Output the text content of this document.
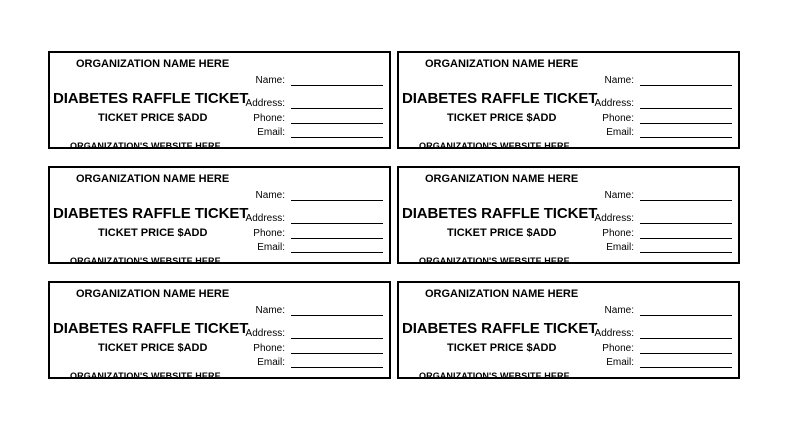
ORGANIZATION NAME HERE
DIABETES RAFFLE TICKET
TICKET PRICE $ADD
ORGANIZATION'S WEBSITE HERE
Name:
Address:
Phone:
Email:
ORGANIZATION NAME HERE
DIABETES RAFFLE TICKET
TICKET PRICE $ADD
ORGANIZATION'S WEBSITE HERE
Name:
Address:
Phone:
Email:
ORGANIZATION NAME HERE
DIABETES RAFFLE TICKET
TICKET PRICE $ADD
ORGANIZATION'S WEBSITE HERE
Name:
Address:
Phone:
Email:
ORGANIZATION NAME HERE
DIABETES RAFFLE TICKET
TICKET PRICE $ADD
ORGANIZATION'S WEBSITE HERE
Name:
Address:
Phone:
Email:
ORGANIZATION NAME HERE
DIABETES RAFFLE TICKET
TICKET PRICE $ADD
ORGANIZATION'S WEBSITE HERE
Name:
Address:
Phone:
Email:
ORGANIZATION NAME HERE
DIABETES RAFFLE TICKET
TICKET PRICE $ADD
ORGANIZATION'S WEBSITE HERE
Name:
Address:
Phone:
Email:
